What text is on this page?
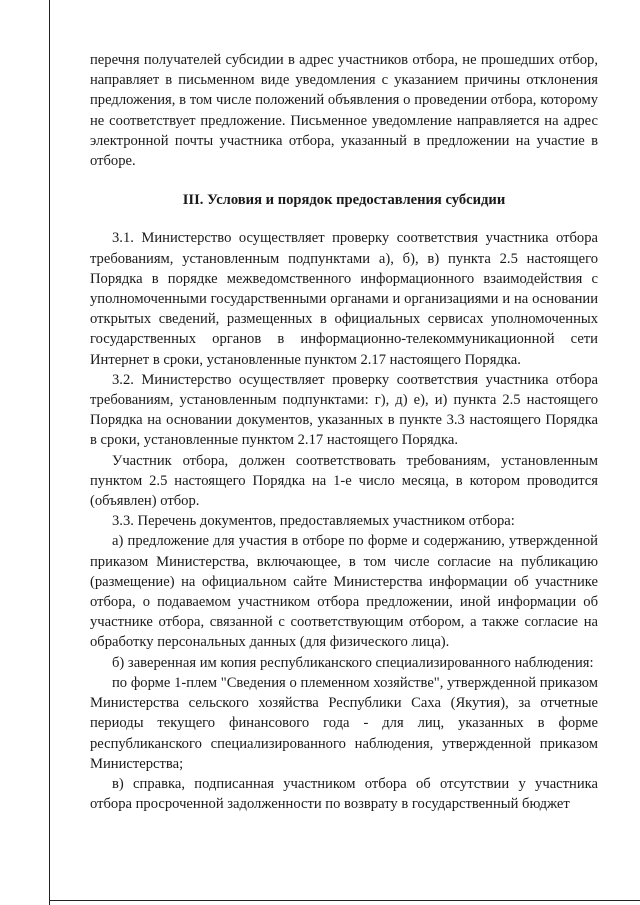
перечня получателей субсидии в адрес участников отбора, не прошедших отбор, направляет в письменном виде уведомления с указанием причины отклонения предложения, в том числе положений объявления о проведении отбора, которому не соответствует предложение. Письменное уведомление направляется на адрес электронной почты участника отбора, указанный в предложении на участие в отборе.

III. Условия и порядок предоставления субсидии

3.1. Министерство осуществляет проверку соответствия участника отбора требованиям, установленным подпунктами а), б), в) пункта 2.5 настоящего Порядка в порядке межведомственного информационного взаимодействия с уполномоченными государственными органами и организациями и на основании открытых сведений, размещенных в официальных сервисах уполномоченных государственных органов в информационно-телекоммуникационной сети Интернет в сроки, установленные пунктом 2.17 настоящего Порядка.

3.2. Министерство осуществляет проверку соответствия участника отбора требованиям, установленным подпунктами: г), д) е), и) пункта 2.5 настоящего Порядка на основании документов, указанных в пункте 3.3 настоящего Порядка в сроки, установленные пунктом 2.17 настоящего Порядка.

Участник отбора, должен соответствовать требованиям, установленным пунктом 2.5 настоящего Порядка на 1-е число месяца, в котором проводится (объявлен) отбор.

3.3. Перечень документов, предоставляемых участником отбора:

а) предложение для участия в отборе по форме и содержанию, утвержденной приказом Министерства, включающее, в том числе согласие на публикацию (размещение) на официальном сайте Министерства информации об участнике отбора, о подаваемом участником отбора предложении, иной информации об участнике отбора, связанной с соответствующим отбором, а также согласие на обработку персональных данных (для физического лица).

б) заверенная им копия республиканского специализированного наблюдения:

по форме 1-плем "Сведения о племенном хозяйстве", утвержденной приказом Министерства сельского хозяйства Республики Саха (Якутия), за отчетные периоды текущего финансового года - для лиц, указанных в форме республиканского специализированного наблюдения, утвержденной приказом Министерства;

в) справка, подписанная участником отбора об отсутствии у участника отбора просроченной задолженности по возврату в государственный бюджет
